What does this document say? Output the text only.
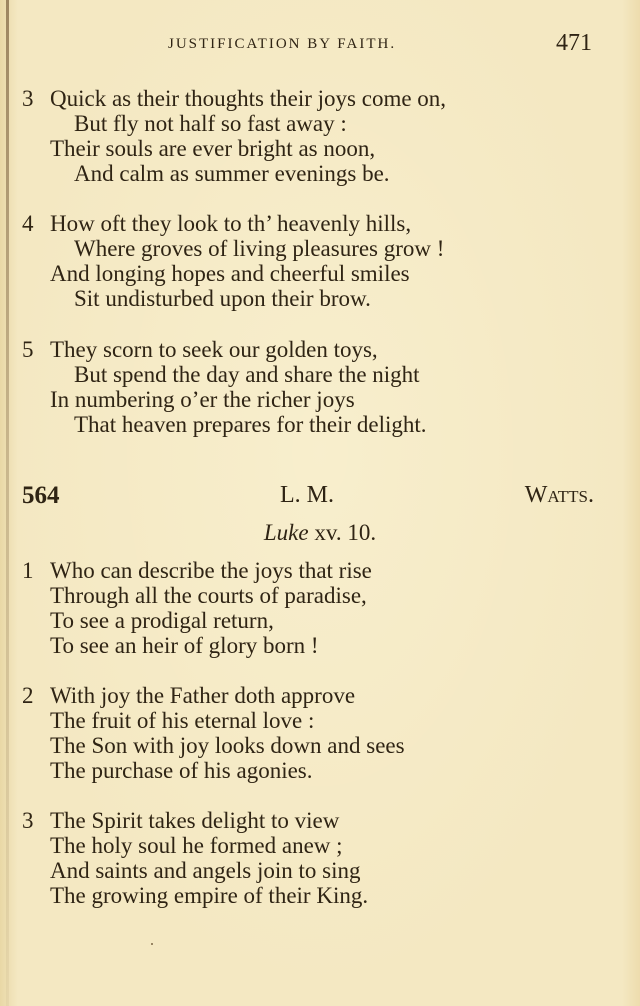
JUSTIFICATION BY FAITH.	471
3 Quick as their thoughts their joys come on,
But fly not half so fast away :
Their souls are ever bright as noon,
And calm as summer evenings be.
4 How oft they look to th’ heavenly hills,
Where groves of living pleasures grow !
And longing hopes and cheerful smiles
Sit undisturbed upon their brow.
5 They scorn to seek our golden toys,
But spend the day and share the night
In numbering o’er the richer joys
That heaven prepares for their delight.
564	L. M.	Watts.
Luke xv. 10.
1 Who can describe the joys that rise
Through all the courts of paradise,
To see a prodigal return,
To see an heir of glory born !
2 With joy the Father doth approve
The fruit of his eternal love :
The Son with joy looks down and sees
The purchase of his agonies.
3 The Spirit takes delight to view
The holy soul he formed anew ;
And saints and angels join to sing
The growing empire of their King.
